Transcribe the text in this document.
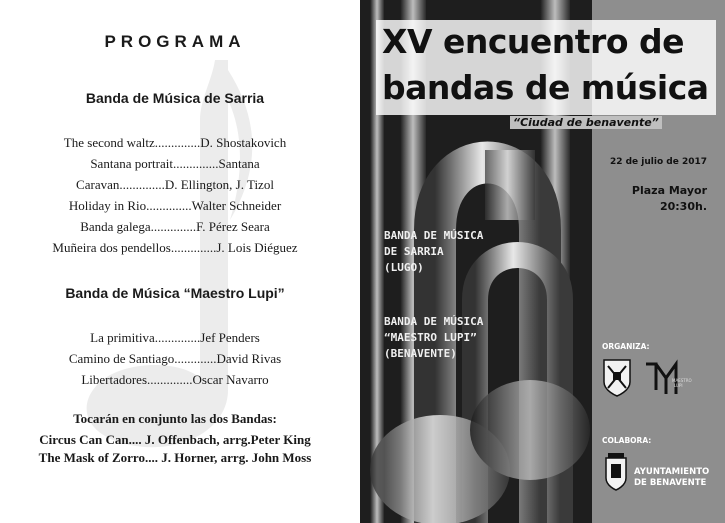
PROGRAMA
Banda de Música de Sarria
The second waltz..............D. Shostakovich
Santana portrait..............Santana
Caravan..............D. Ellington, J. Tizol
Holiday in Rio..............Walter Schneider
Banda galega..............F. Pérez Seara
Muñeira dos pendellos..............J. Lois Diéguez
Banda de Música “Maestro Lupi”
La primitiva..............Jef Penders
Camino de Santiago.............David Rivas
Libertadores..............Oscar Navarro
Tocarán en conjunto las dos Bandas:
Circus Can Can.... J. Offenbach, arrg.Peter King
The Mask of Zorro.... J. Horner, arrg. John Moss
XV encuentro de
bandas de música
“Ciudad de benavente”
22 de julio de 2017
Plaza Mayor
20:30h.
BANDA DE MÚSICA
DE SARRIA
(LUGO)
BANDA DE MÚSICA
“MAESTRO LUPI”
(BENAVENTE)
ORGANIZA:
MAESTRO
LUPI
COLABORA:
AYUNTAMIENTO
DE BENAVENTE
